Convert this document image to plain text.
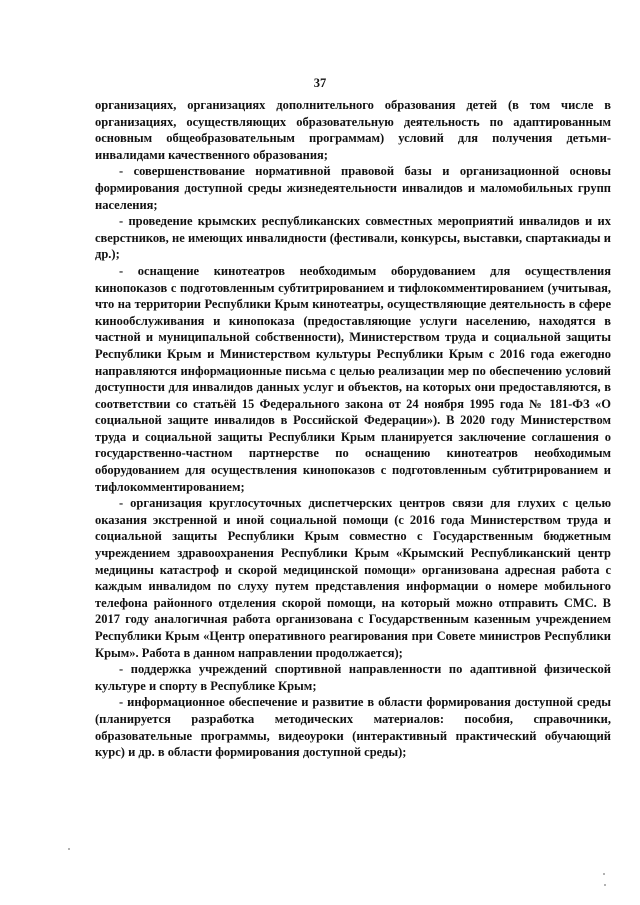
37

организациях, организациях дополнительного образования детей (в том числе в организациях, осуществляющих образовательную деятельность по адаптированным основным общеобразовательным программам) условий для получения детьми-инвалидами качественного образования;

- совершенствование нормативной правовой базы и организационной основы формирования доступной среды жизнедеятельности инвалидов и маломобильных групп населения;

- проведение крымских республиканских совместных мероприятий инвалидов и их сверстников, не имеющих инвалидности (фестивали, конкурсы, выставки, спартакиады и др.);

- оснащение кинотеатров необходимым оборудованием для осуществления кинопоказов с подготовленным субтитрированием и тифлокомментированием (учитывая, что на территории Республики Крым кинотеатры, осуществляющие деятельность в сфере кинообслуживания и кинопоказа (предоставляющие услуги населению, находятся в частной и муниципальной собственности), Министерством труда и социальной защиты Республики Крым и Министерством культуры Республики Крым с 2016 года ежегодно направляются информационные письма с целью реализации мер по обеспечению условий доступности для инвалидов данных услуг и объектов, на которых они предоставляются, в соответствии со статьёй 15 Федерального закона от 24 ноября 1995 года № 181-ФЗ «О социальной защите инвалидов в Российской Федерации»). В 2020 году Министерством труда и социальной защиты Республики Крым планируется заключение соглашения о государственно-частном партнерстве по оснащению кинотеатров необходимым оборудованием для осуществления кинопоказов с подготовленным субтитрированием и тифлокомментированием;

- организация круглосуточных диспетчерских центров связи для глухих с целью оказания экстренной и иной социальной помощи (с 2016 года Министерством труда и социальной защиты Республики Крым совместно с Государственным бюджетным учреждением здравоохранения Республики Крым «Крымский Республиканский центр медицины катастроф и скорой медицинской помощи» организована адресная работа с каждым инвалидом по слуху путем представления информации о номере мобильного телефона районного отделения скорой помощи, на который можно отправить СМС. В 2017 году аналогичная работа организована с Государственным казенным учреждением Республики Крым «Центр оперативного реагирования при Совете министров Республики Крым». Работа в данном направлении продолжается);

- поддержка учреждений спортивной направленности по адаптивной физической культуре и спорту в Республике Крым;

- информационное обеспечение и развитие в области формирования доступной среды (планируется разработка методических материалов: пособия, справочники, образовательные программы, видеоуроки (интерактивный практический обучающий курс) и др. в области формирования доступной среды);
